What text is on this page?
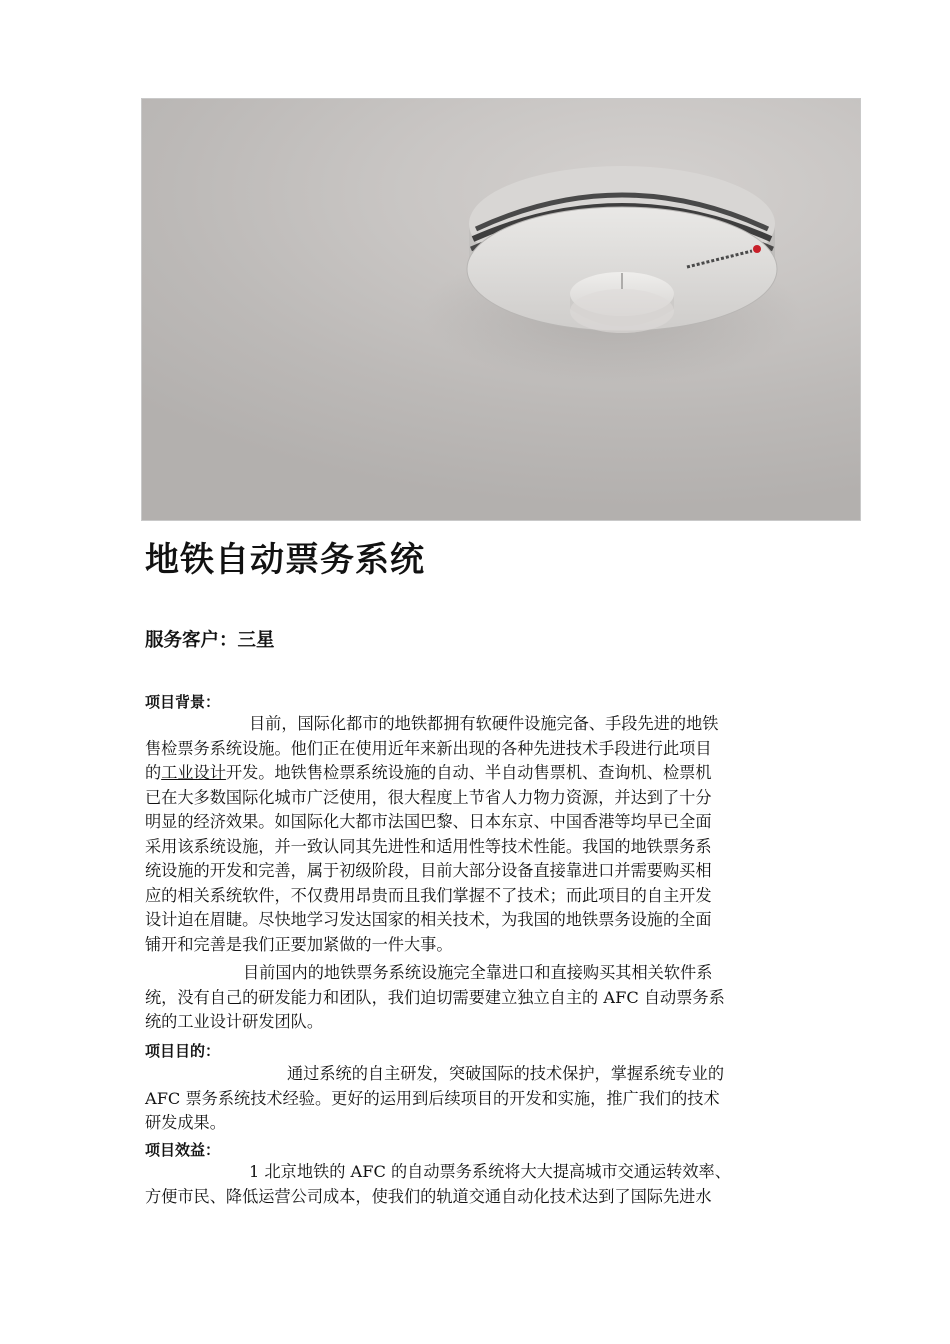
地铁自动票务系统
服务客户：三星
项目背景：
目前，国际化都市的地铁都拥有软硬件设施完备、手段先进的地铁
售检票务系统设施。他们正在使用近年来新出现的各种先进技术手段进行此项目
的工业设计开发。地铁售检票系统设施的自动、半自动售票机、查询机、检票机
已在大多数国际化城市广泛使用，很大程度上节省人力物力资源，并达到了十分
明显的经济效果。如国际化大都市法国巴黎、日本东京、中国香港等均早已全面
采用该系统设施，并一致认同其先进性和适用性等技术性能。我国的地铁票务系
统设施的开发和完善，属于初级阶段，目前大部分设备直接靠进口并需要购买相
应的相关系统软件，不仅费用昂贵而且我们掌握不了技术；而此项目的自主开发
设计迫在眉睫。尽快地学习发达国家的相关技术，为我国的地铁票务设施的全面
铺开和完善是我们正要加紧做的一件大事。
目前国内的地铁票务系统设施完全靠进口和直接购买其相关软件系
统，没有自己的研发能力和团队，我们迫切需要建立独立自主的 AFC 自动票务系
统的工业设计研发团队。
项目目的：
通过系统的自主研发，突破国际的技术保护，掌握系统专业的
AFC 票务系统技术经验。更好的运用到后续项目的开发和实施，推广我们的技术
研发成果。
项目效益：
1 北京地铁的 AFC 的自动票务系统将大大提高城市交通运转效率、
方便市民、降低运营公司成本，使我们的轨道交通自动化技术达到了国际先进水
